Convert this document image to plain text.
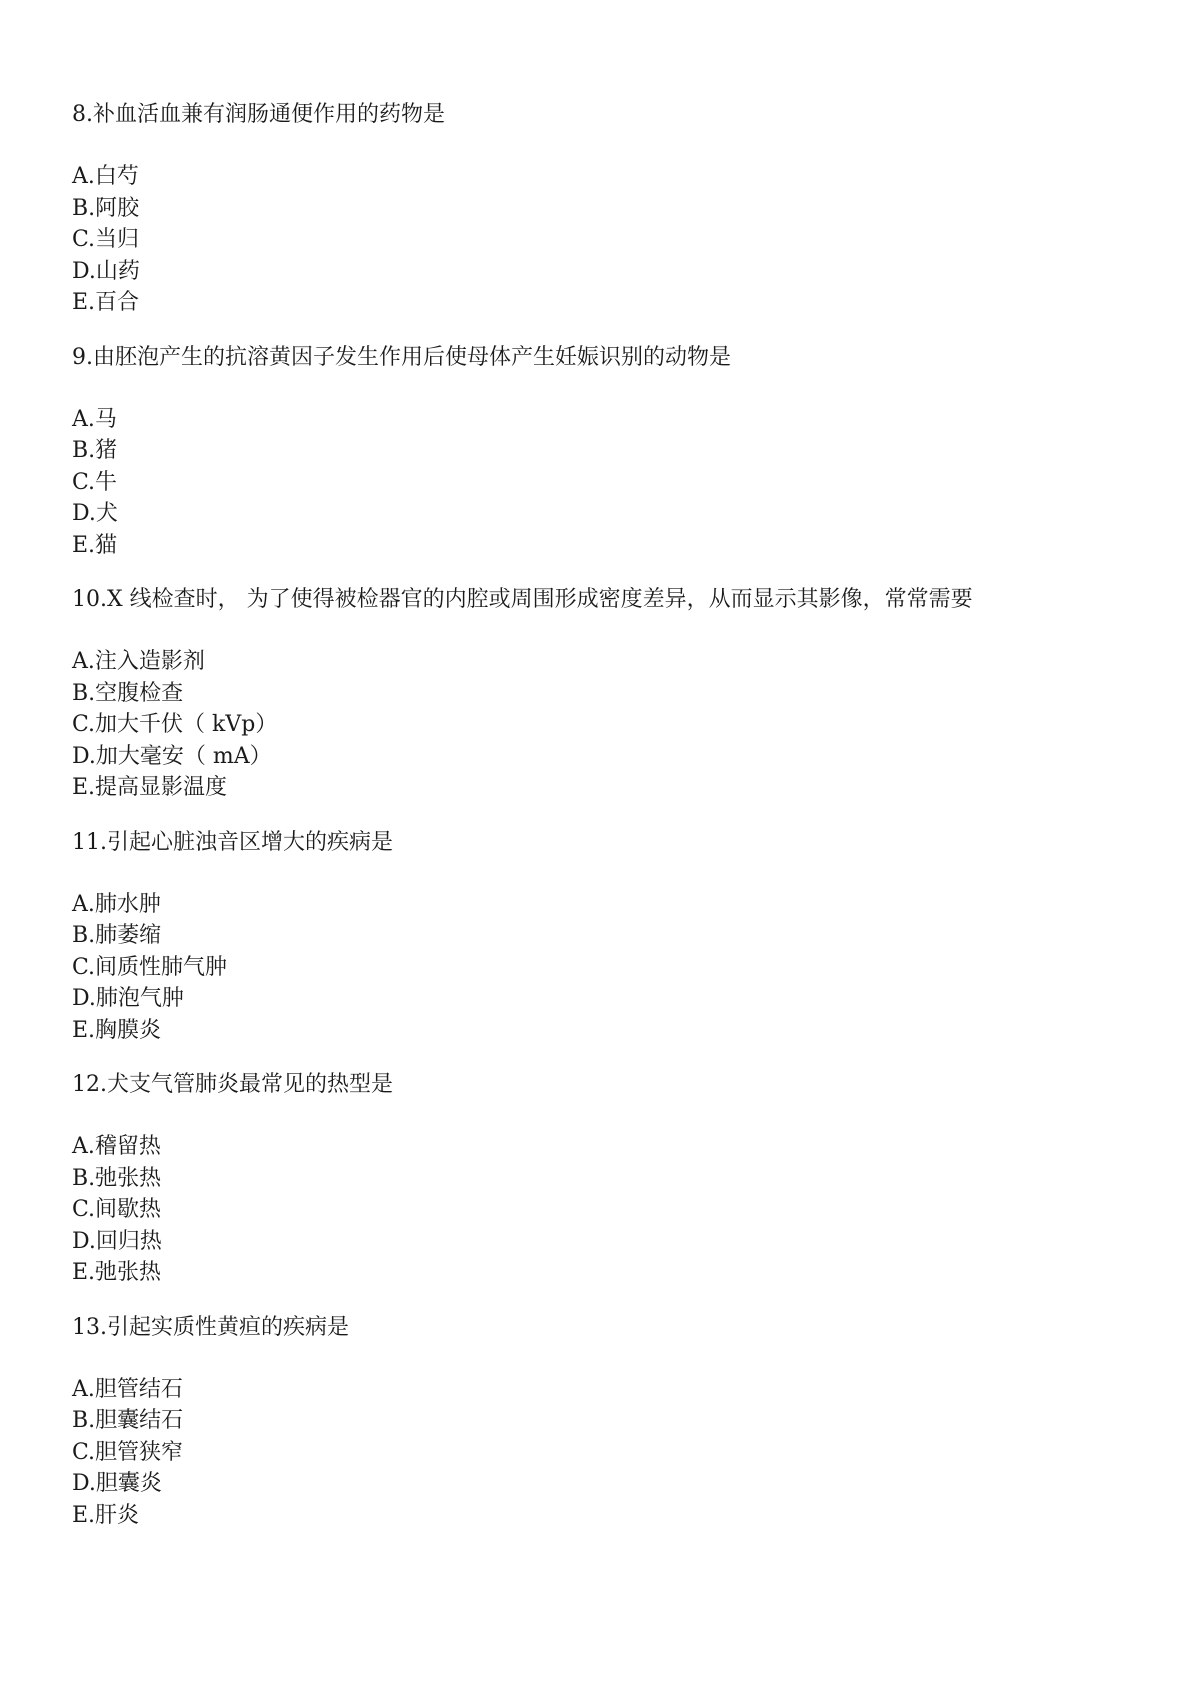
8.补血活血兼有润肠通便作用的药物是
A.白芍
B.阿胶
C.当归
D.山药
E.百合
9.由胚泡产生的抗溶黄因子发生作用后使母体产生妊娠识别的动物是
A.马
B.猪
C.牛
D.犬
E.猫
10.X 线检查时， 为了使得被检器官的内腔或周围形成密度差异，从而显示其影像，常常需要
A.注入造影剂
B.空腹检查
C.加大千伏（ kVp）
D.加大毫安（ mA）
E.提高显影温度
11.引起心脏浊音区增大的疾病是
A.肺水肿
B.肺萎缩
C.间质性肺气肿
D.肺泡气肿
E.胸膜炎
12.犬支气管肺炎最常见的热型是
A.稽留热
B.弛张热
C.间歇热
D.回归热
E.弛张热
13.引起实质性黄疸的疾病是
A.胆管结石
B.胆囊结石
C.胆管狭窄
D.胆囊炎
E.肝炎
